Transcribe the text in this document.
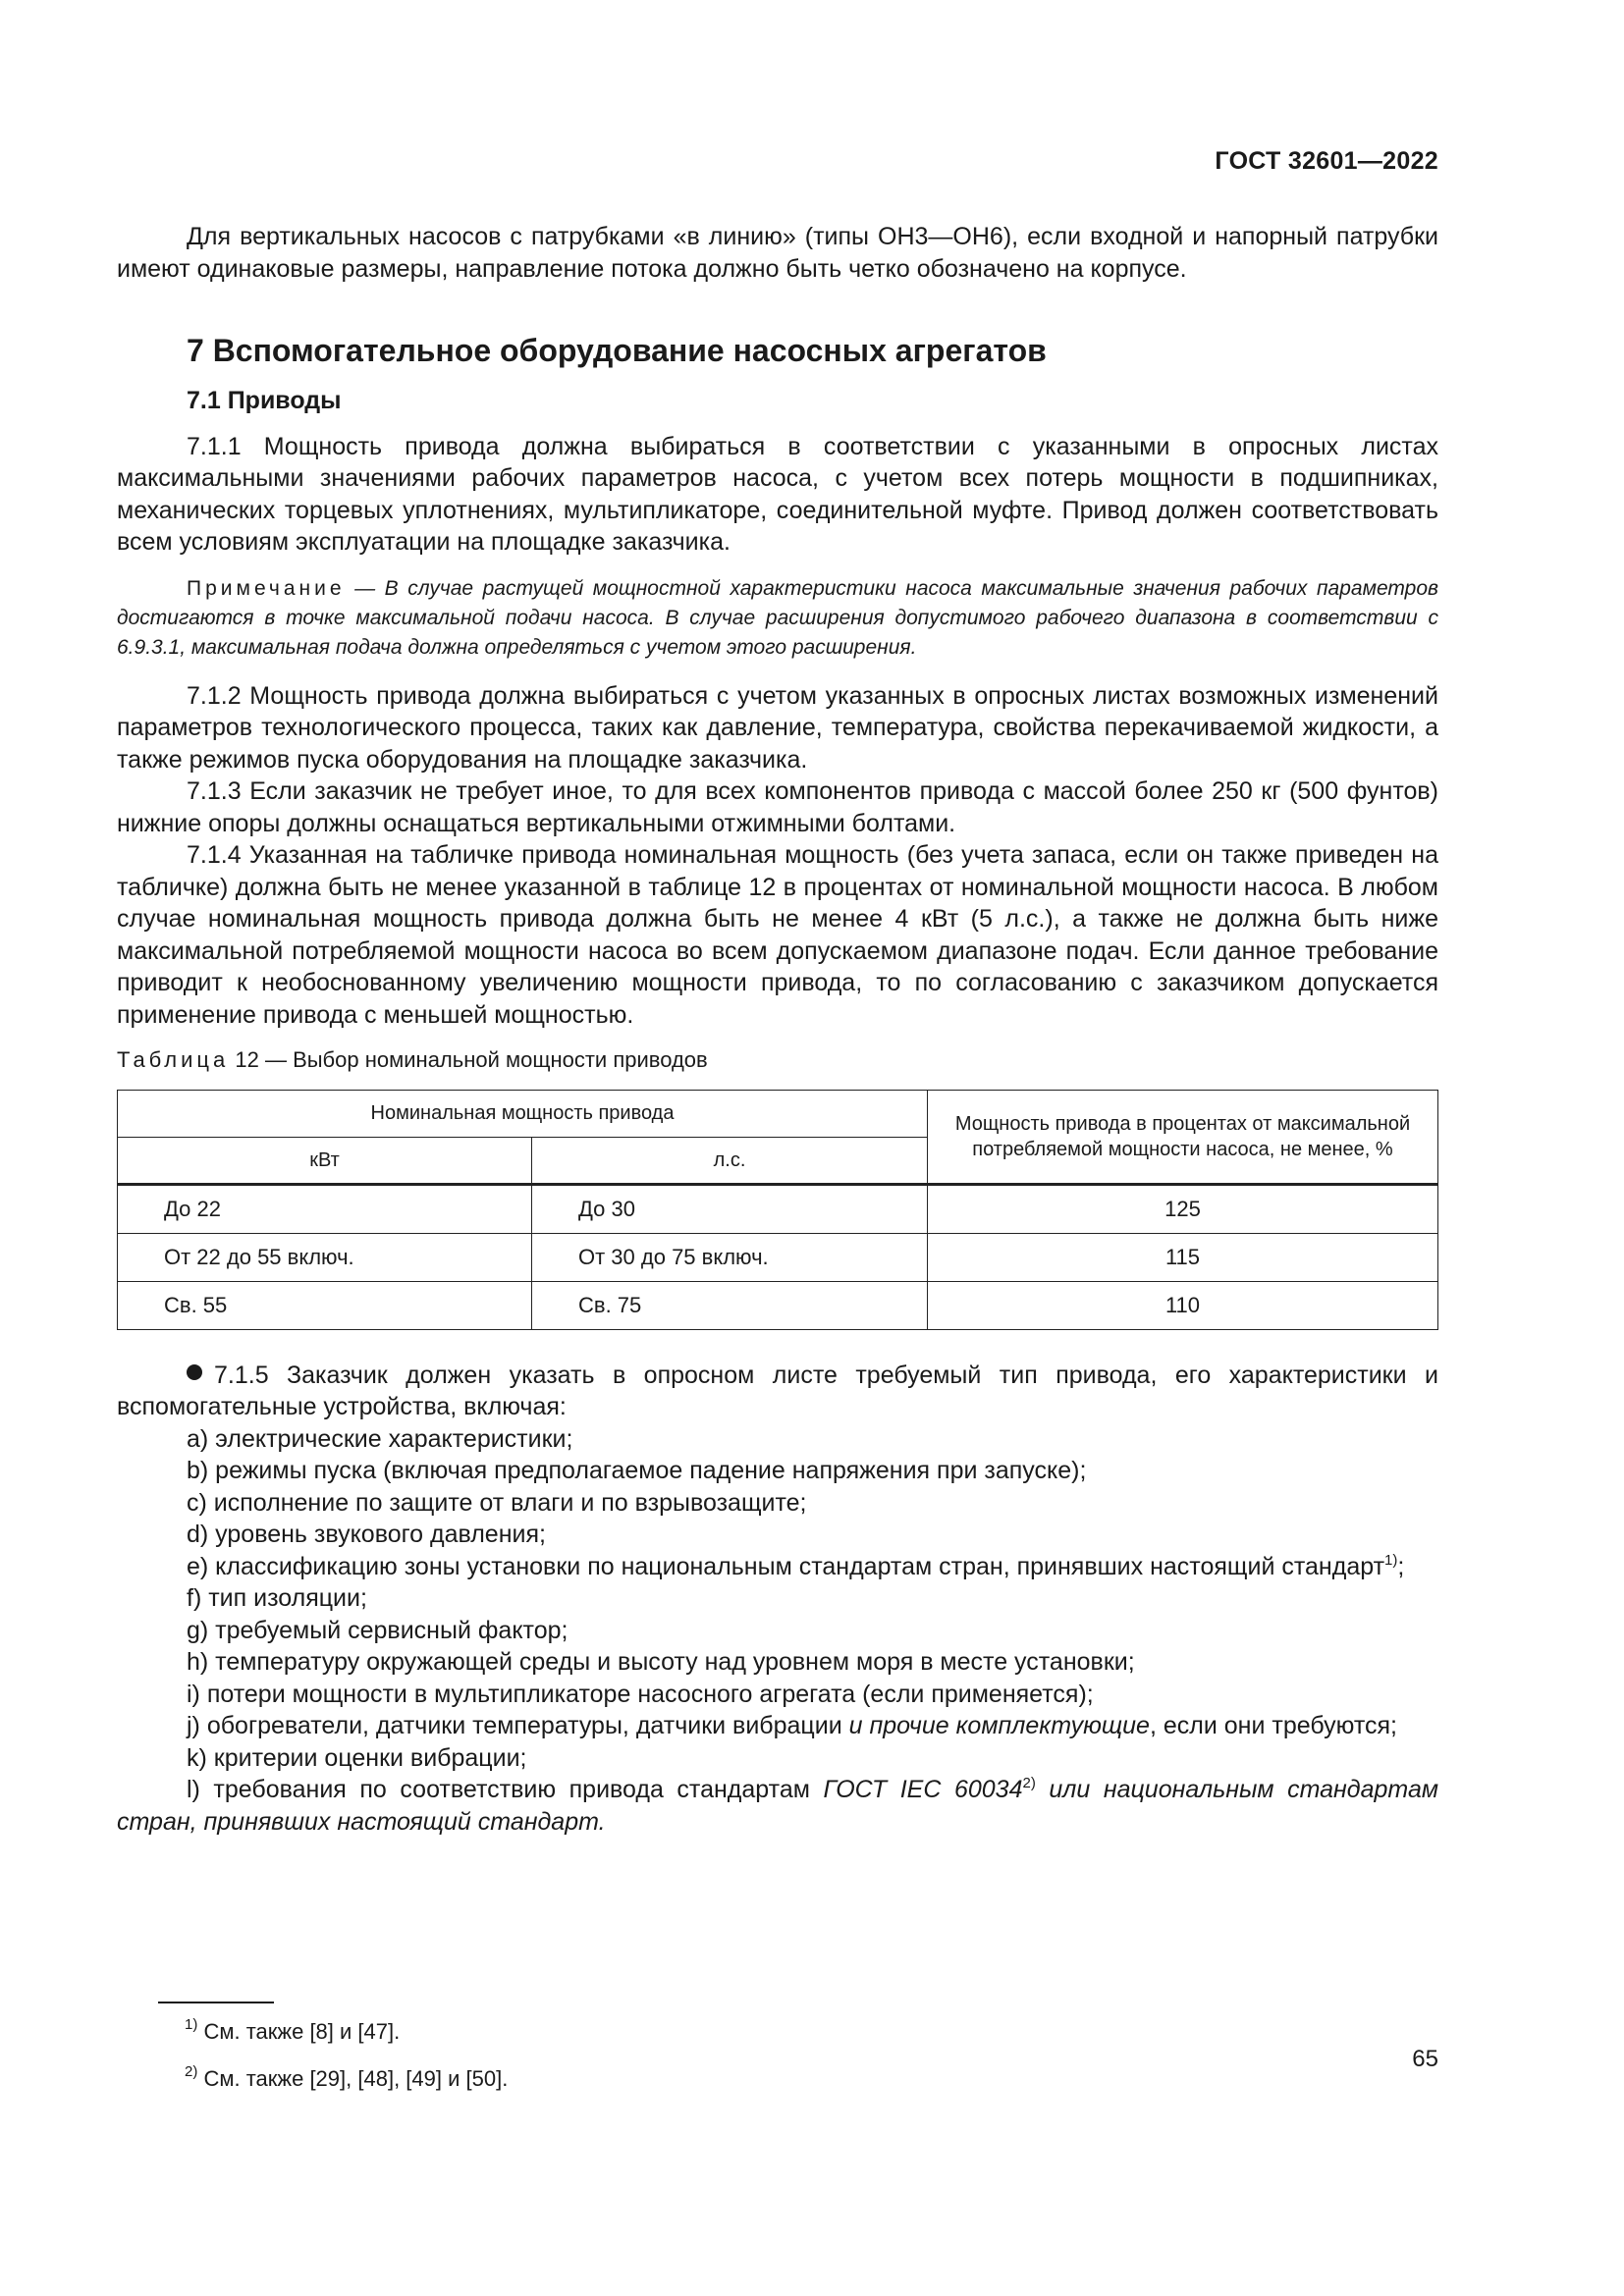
ГОСТ 32601—2022

Для вертикальных насосов с патрубками «в линию» (типы ОН3—ОН6), если входной и напорный патрубки имеют одинаковые размеры, направление потока должно быть четко обозначено на корпусе.

7 Вспомогательное оборудование насосных агрегатов
7.1 Приводы

7.1.1 Мощность привода должна выбираться в соответствии с указанными в опросных листах максимальными значениями рабочих параметров насоса, с учетом всех потерь мощности в подшипниках, механических торцевых уплотнениях, мультипликаторе, соединительной муфте. Привод должен соответствовать всем условиям эксплуатации на площадке заказчика.

Примечание — В случае растущей мощностной характеристики насоса максимальные значения рабочих параметров достигаются в точке максимальной подачи насоса. В случае расширения допустимого рабочего диапазона в соответствии с 6.9.3.1, максимальная подача должна определяться с учетом этого расширения.

7.1.2 Мощность привода должна выбираться с учетом указанных в опросных листах возможных изменений параметров технологического процесса, таких как давление, температура, свойства перекачиваемой жидкости, а также режимов пуска оборудования на площадке заказчика.

7.1.3 Если заказчик не требует иное, то для всех компонентов привода с массой более 250 кг (500 фунтов) нижние опоры должны оснащаться вертикальными отжимными болтами.

7.1.4 Указанная на табличке привода номинальная мощность (без учета запаса, если он также приведен на табличке) должна быть не менее указанной в таблице 12 в процентах от номинальной мощности насоса. В любом случае номинальная мощность привода должна быть не менее 4 кВт (5 л.с.), а также не должна быть ниже максимальной потребляемой мощности насоса во всем допускаемом диапазоне подач. Если данное требование приводит к необоснованному увеличению мощности привода, то по согласованию с заказчиком допускается применение привода с меньшей мощностью.

Таблица 12 — Выбор номинальной мощности приводов
Номинальная мощность привода		Мощность привода в процентах от максимальной потребляемой мощности насоса, не менее, %
кВт	л.с.	
До 22	До 30	125
От 22 до 55 включ.	От 30 до 75 включ.	115
Св. 55	Св. 75	110

7.1.5 Заказчик должен указать в опросном листе требуемый тип привода, его характеристики и вспомогательные устройства, включая:

a) электрические характеристики;

b) режимы пуска (включая предполагаемое падение напряжения при запуске);

c) исполнение по защите от влаги и по взрывозащите;

d) уровень звукового давления;

e) классификацию зоны установки по национальным стандартам стран, принявших настоящий стандарт$^{1)}$;

f) тип изоляции;

g) требуемый сервисный фактор;

h) температуру окружающей среды и высоту над уровнем моря в месте установки;

i) потери мощности в мультипликаторе насосного агрегата (если применяется);

j) обогреватели, датчики температуры, датчики вибрации и прочие комплектующие, если они требуются;

k) критерии оценки вибрации;

l) требования по соответствию привода стандартам ГОСТ IEC 60034$^{2)}$ или национальным стандартам стран, принявших настоящий стандарт.

$^{1)}$ См. также [8] и [47].
$^{2)}$ См. также [29], [48], [49] и [50].
65
